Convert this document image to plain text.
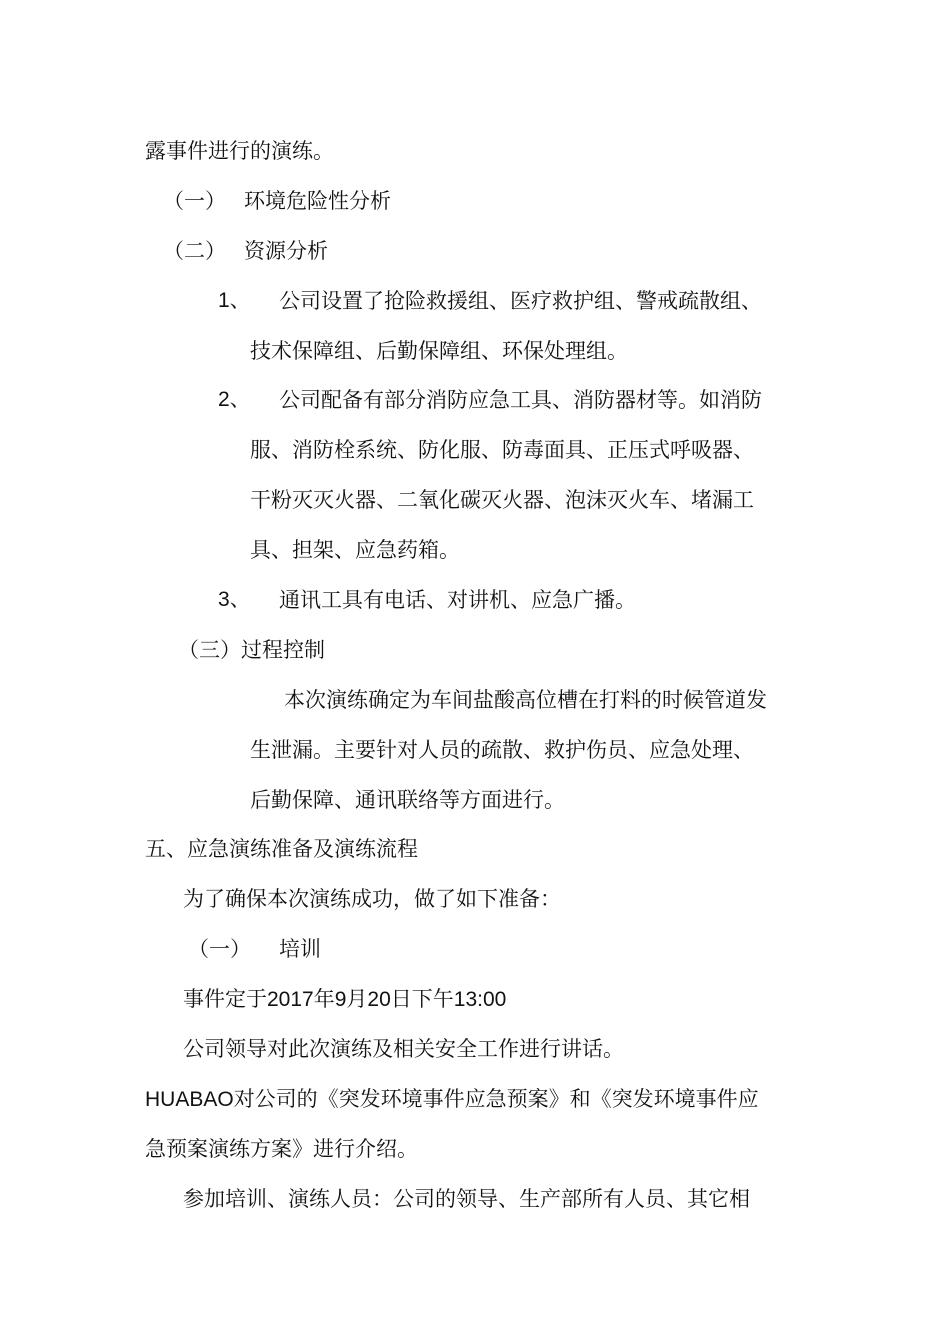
露事件进行的演练。
（一） 环境危险性分析
（二） 资源分析
1、 公司设置了抢险救援组、医疗救护组、警戒疏散组、
技术保障组、后勤保障组、环保处理组。
2、 公司配备有部分消防应急工具、消防器材等。如消防
服、消防栓系统、防化服、防毒面具、正压式呼吸器、
干粉灭灭火器、二氧化碳灭火器、泡沫灭火车、堵漏工
具、担架、应急药箱。
3、 通讯工具有电话、对讲机、应急广播。
（三）过程控制
本次演练确定为车间盐酸高位槽在打料的时候管道发
生泄漏。主要针对人员的疏散、救护伤员、应急处理、
后勤保障、通讯联络等方面进行。
五、应急演练准备及演练流程
为了确保本次演练成功，做了如下准备：
（一） 培训
事件定于2017年9月20日下午13:00
公司领导对此次演练及相关安全工作进行讲话。
HUABAO对公司的《突发环境事件应急预案》和《突发环境事件应
急预案演练方案》进行介绍。
参加培训、演练人员：公司的领导、生产部所有人员、其它相
